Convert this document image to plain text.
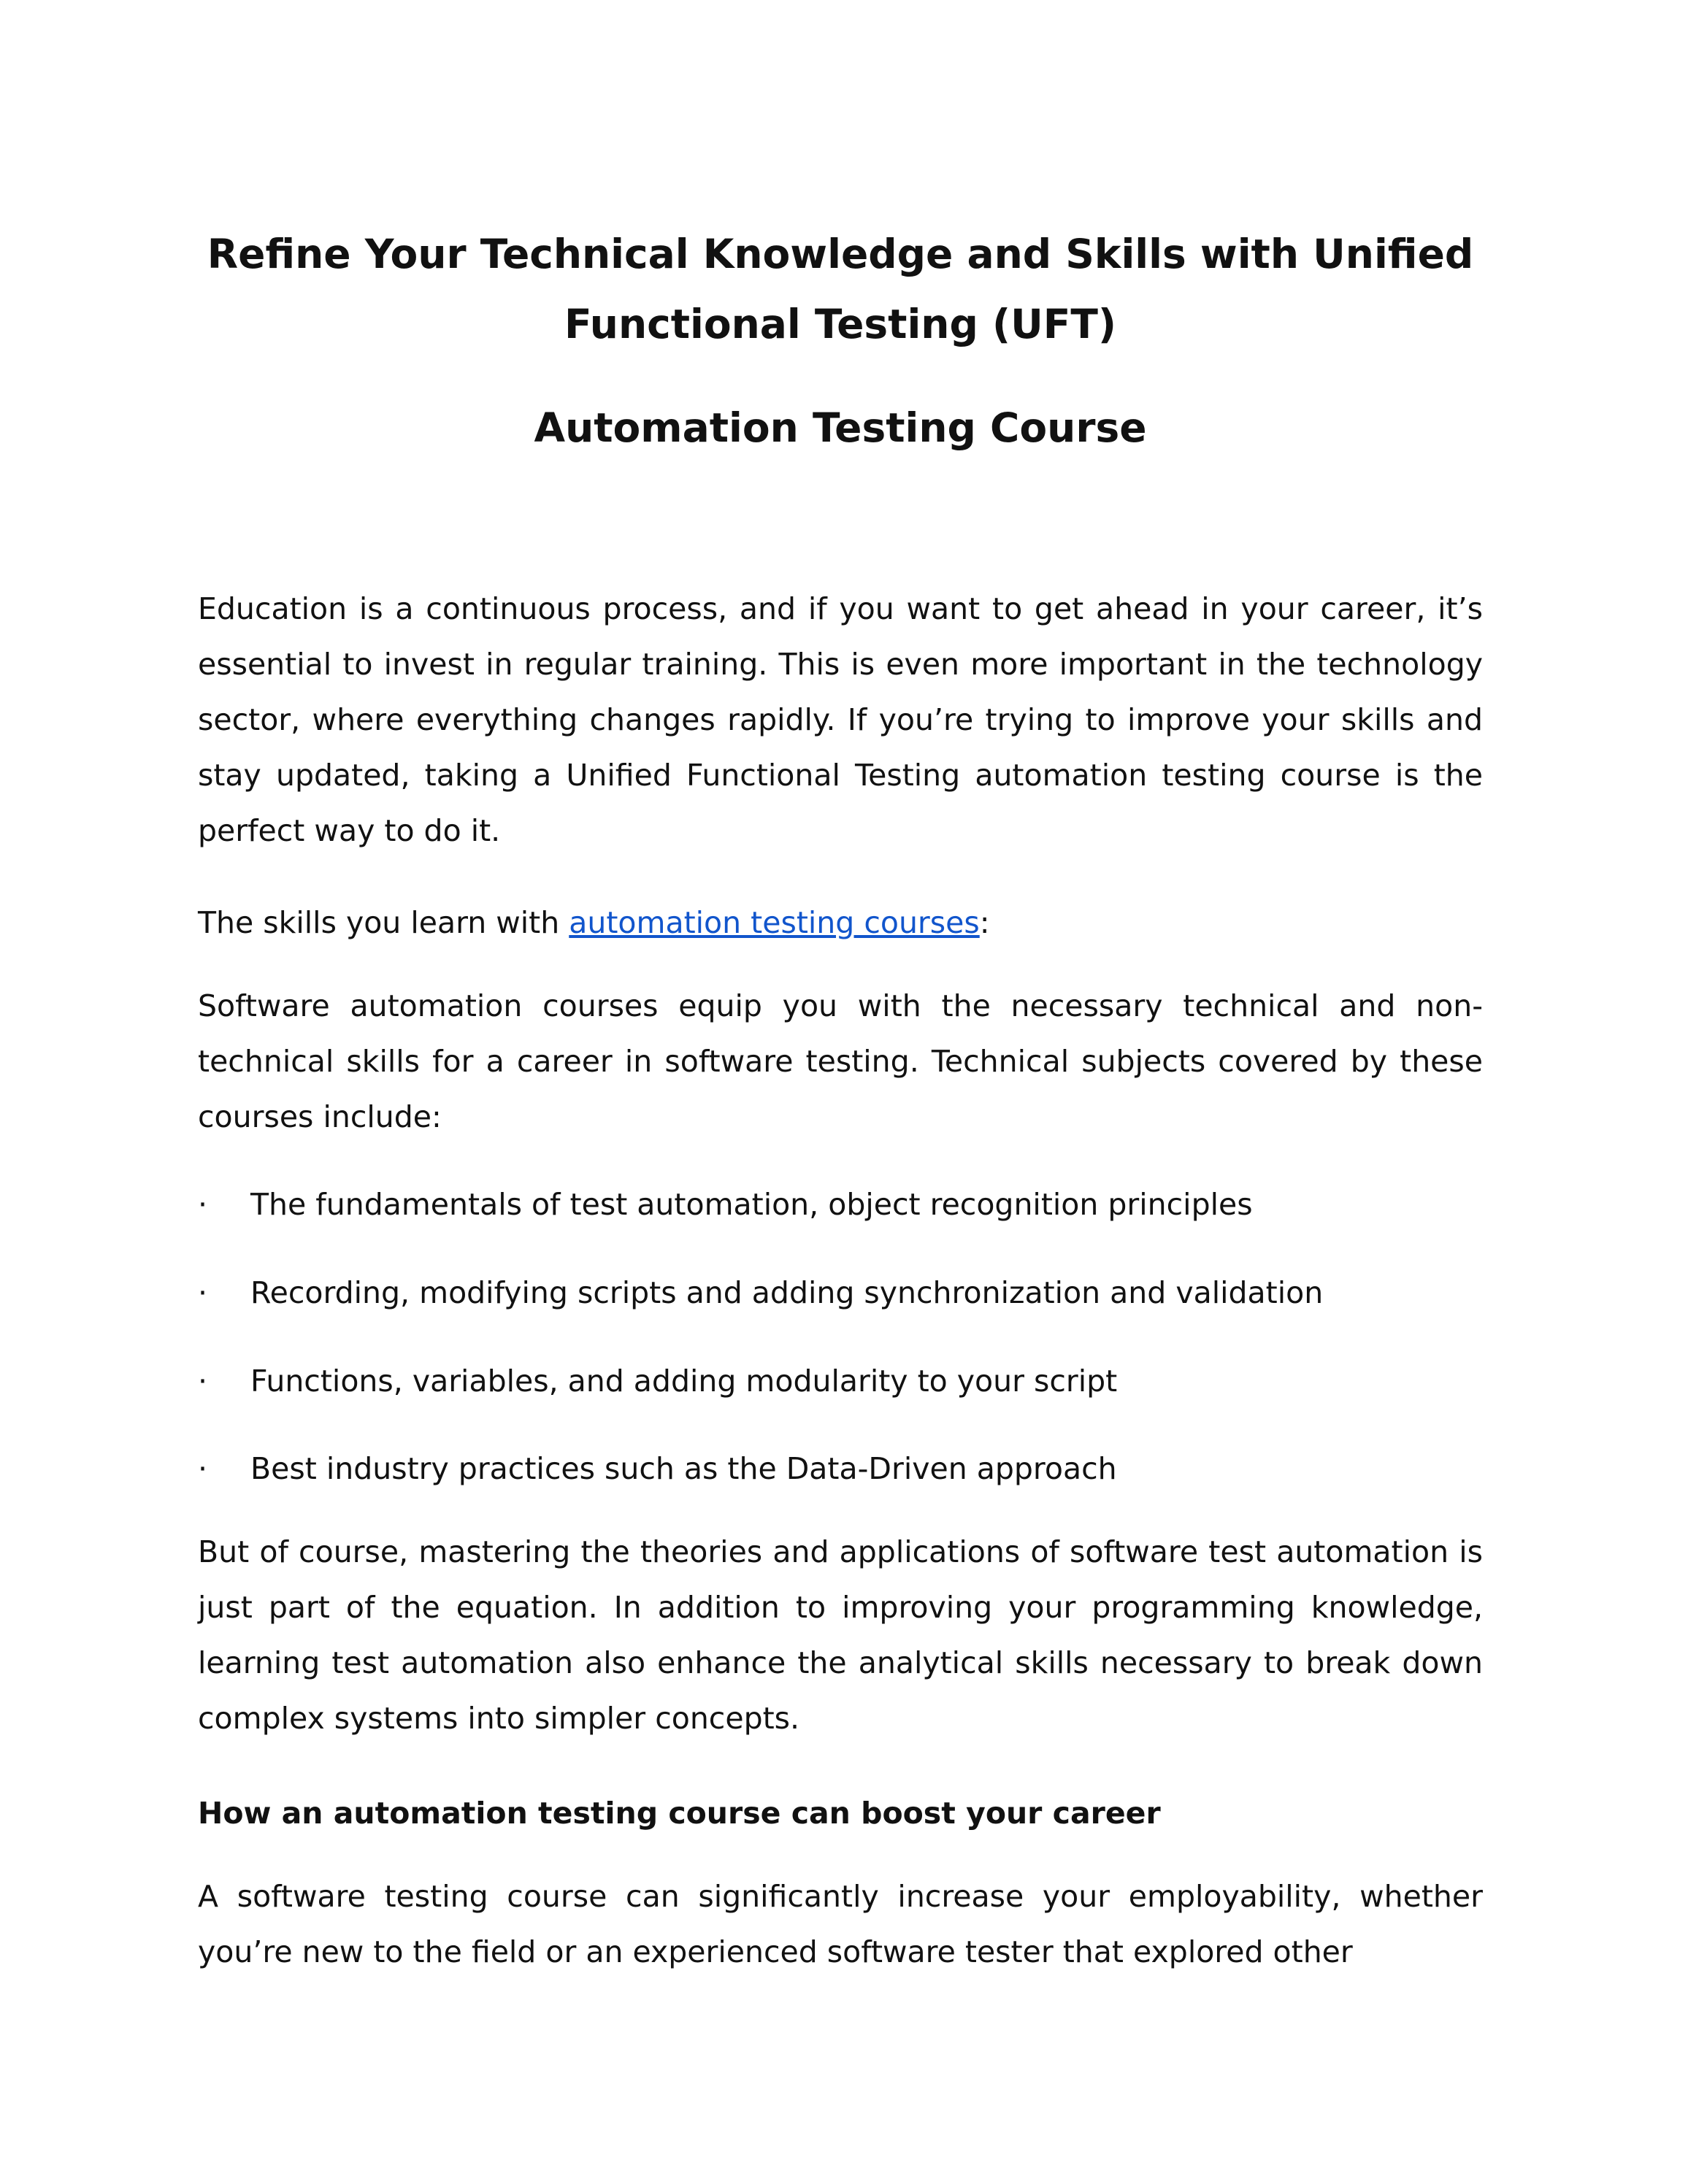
Refine Your Technical Knowledge and Skills with Unified Functional Testing (UFT)
Automation Testing Course

Education is a continuous process, and if you want to get ahead in your career, it’s essential to invest in regular training. This is even more important in the technology sector, where everything changes rapidly. If you’re trying to improve your skills and stay updated, taking a Unified Functional Testing automation testing course is the perfect way to do it.

The skills you learn with automation testing courses:

Software automation courses equip you with the necessary technical and non-technical skills for a career in software testing. Technical subjects covered by these courses include:

· The fundamentals of test automation, object recognition principles
· Recording, modifying scripts and adding synchronization and validation
· Functions, variables, and adding modularity to your script
· Best industry practices such as the Data-Driven approach

But of course, mastering the theories and applications of software test automation is just part of the equation. In addition to improving your programming knowledge, learning test automation also enhance the analytical skills necessary to break down complex systems into simpler concepts.

How an automation testing course can boost your career

A software testing course can significantly increase your employability, whether you’re new to the field or an experienced software tester that explored other
